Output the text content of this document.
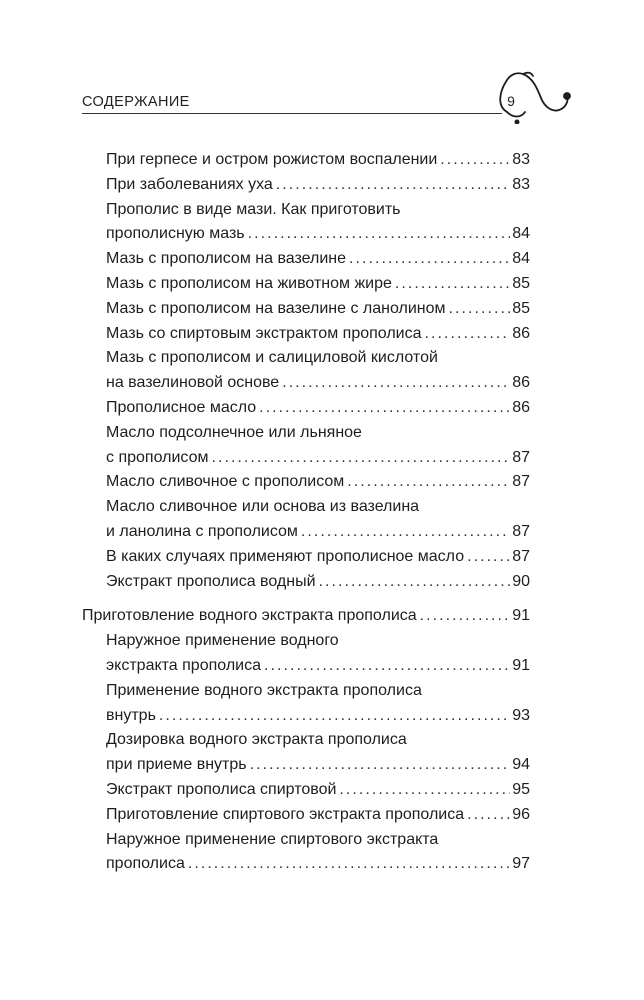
СОДЕРЖАНИЕ	9
При герпесе и остром рожистом воспалении . . .	83
При заболеваниях уха . . .	83
Прополис в виде мази. Как приготовить
прополисную мазь . . .	84
Мазь с прополисом на вазелине . . .	84
Мазь с прополисом на животном жире . . .	85
Мазь с прополисом на вазелине с ланолином . . .	85
Мазь со спиртовым экстрактом прополиса . . .	86
Мазь с прополисом и салициловой кислотой
на вазелиновой основе . . .	86
Прополисное масло . . .	86
Масло подсолнечное или льняное
с прополисом . . .	87
Масло сливочное с прополисом . . .	87
Масло сливочное или основа из вазелина
и ланолина с прополисом . . .	87
В каких случаях применяют прополисное масло . . .	87
Экстракт прополиса водный . . .	90
Приготовление водного экстракта прополиса . . .	91
Наружное применение водного
экстракта прополиса . . .	91
Применение водного экстракта прополиса
внутрь . . .	93
Дозировка водного экстракта прополиса
при приеме внутрь . . .	94
Экстракт прополиса спиртовой . . .	95
Приготовление спиртового экстракта прополиса . . .	96
Наружное применение спиртового экстракта
прополиса . . .	97
